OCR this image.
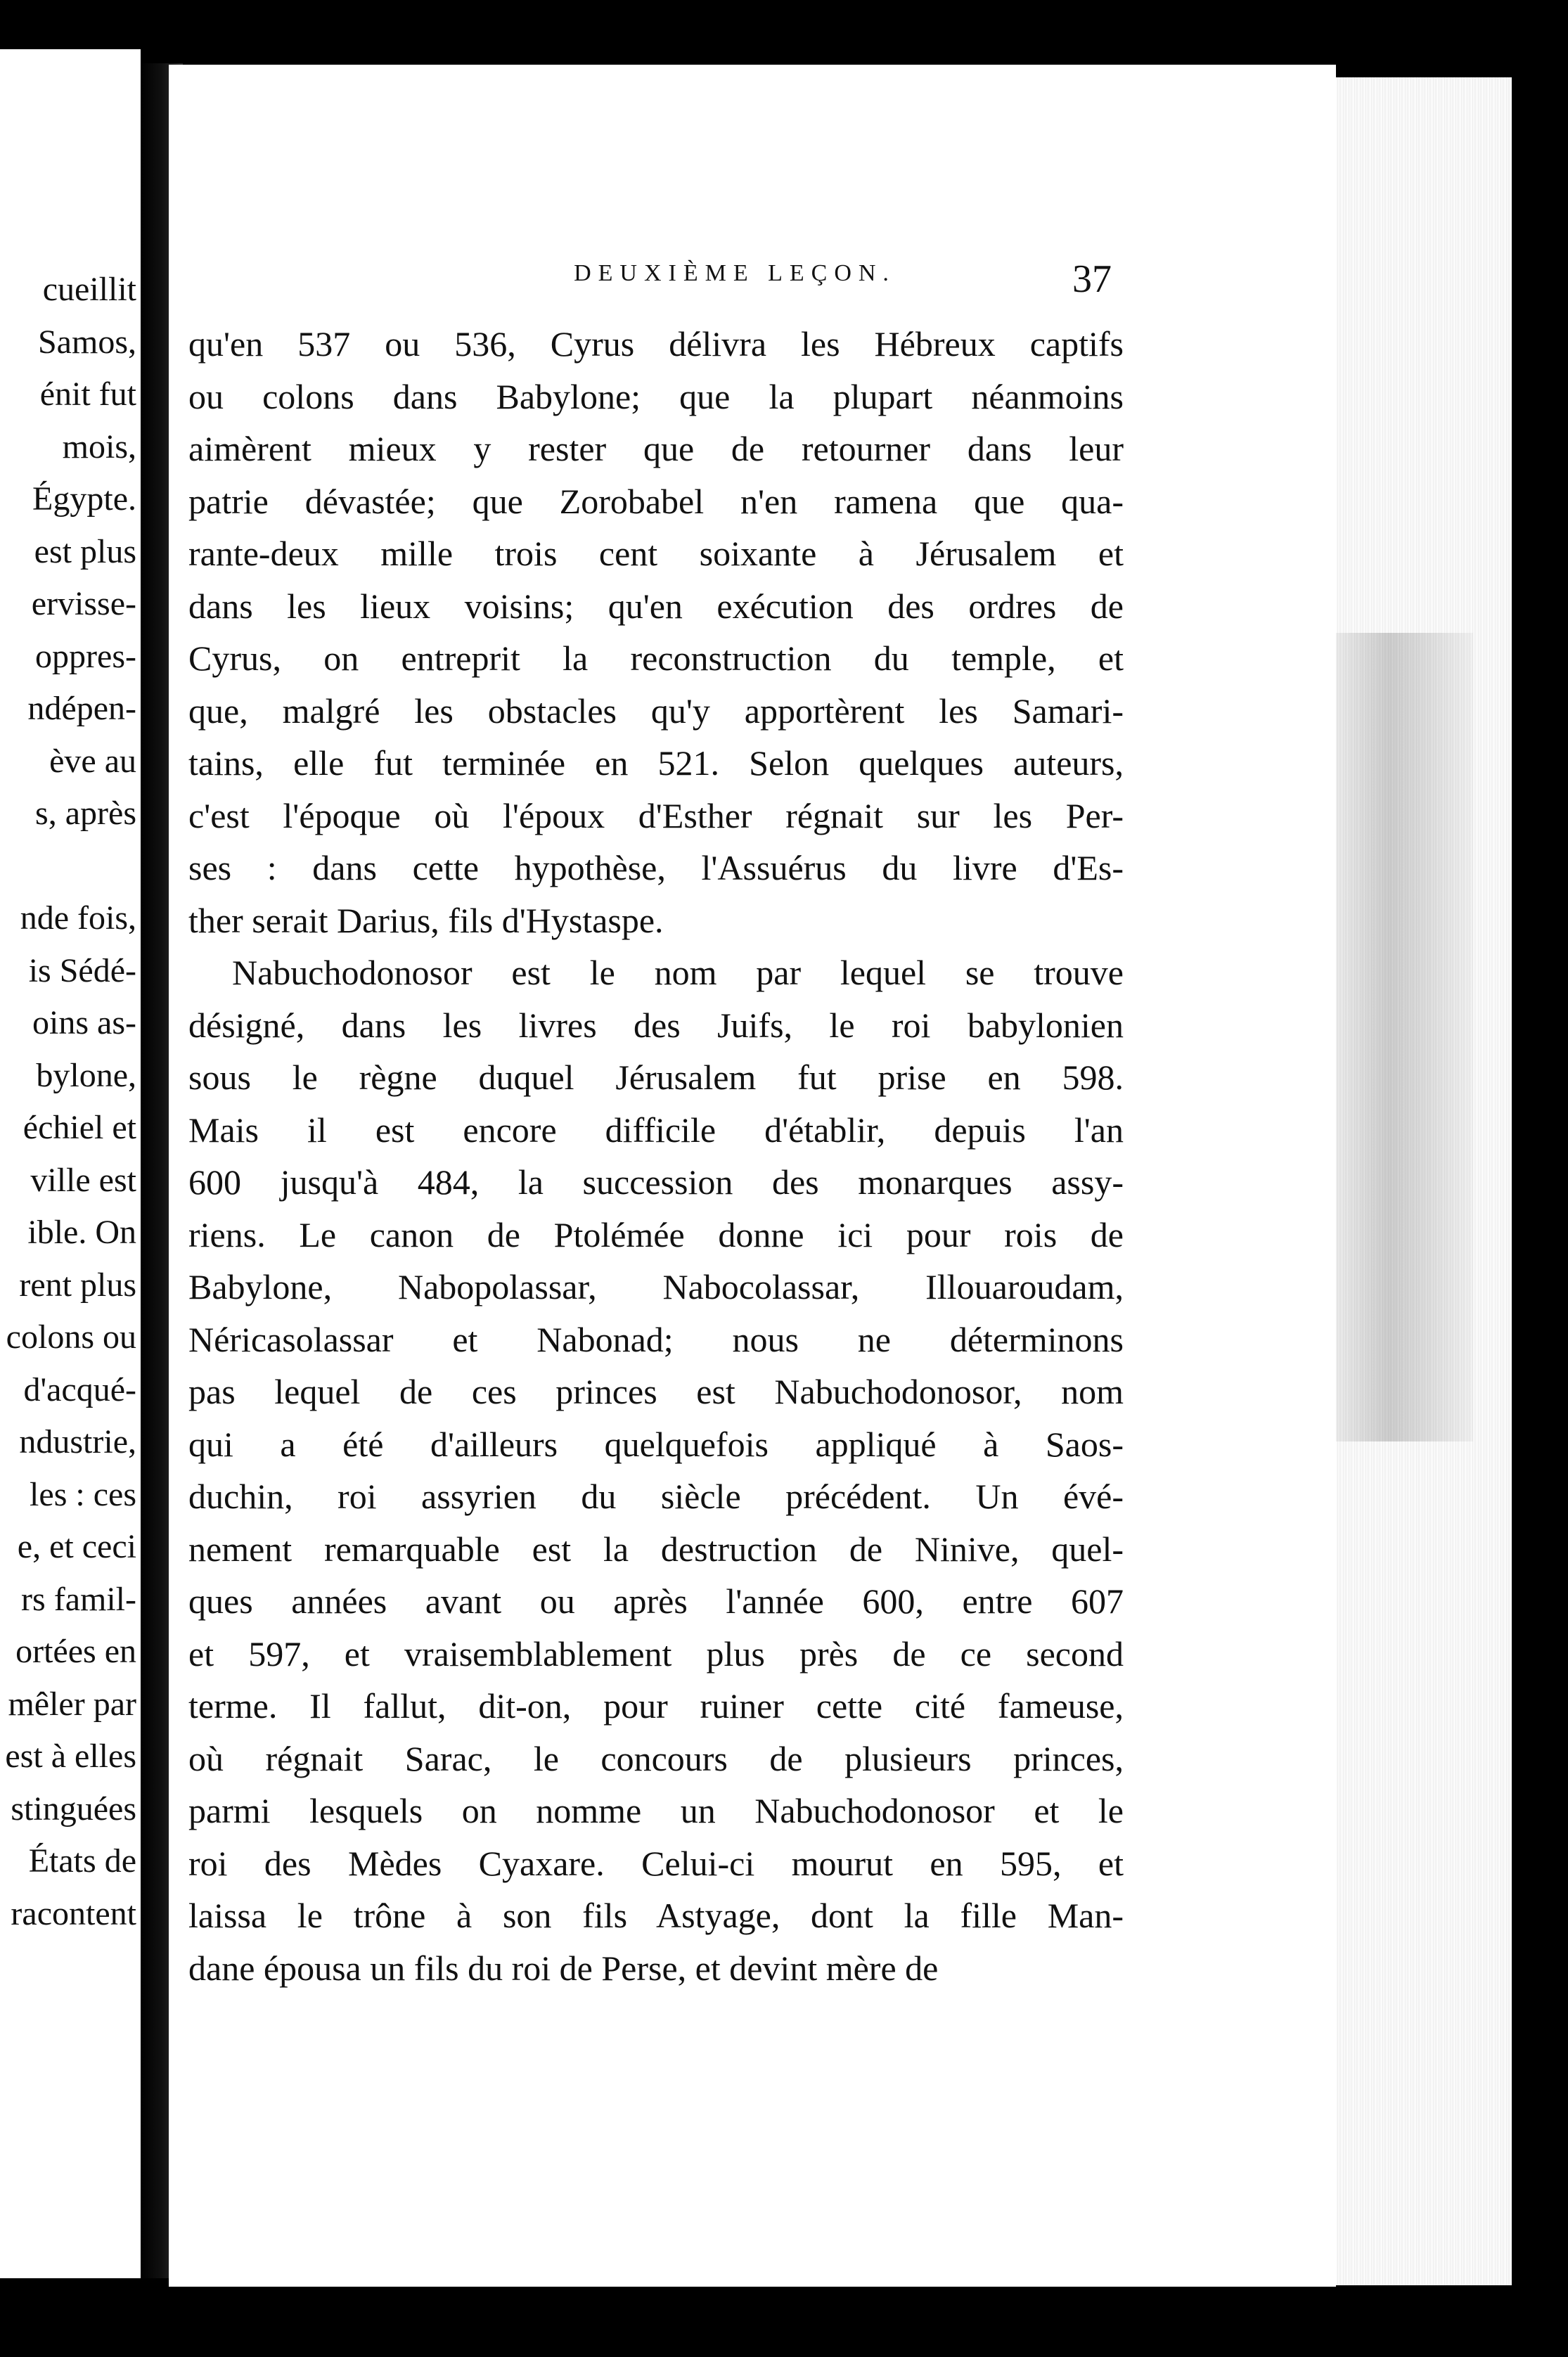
cueillit
Samos,
énit fut
mois,
Égypte.
est plus
ervisse-
oppres-
ndépen-
ève au
s, après
nde fois,
is Sédé-
oins as-
bylone,
échiel et
ville est
ible. On
rent plus
colons ou
d'acqué-
ndustrie,
les : ces
e, et ceci
rs famil-
ortées en
mêler par
est à elles
stinguées
États de
racontent
DEUXIÈME LEÇON.	37
qu'en 537 ou 536, Cyrus délivra les Hébreux captifs
ou colons dans Babylone; que la plupart néanmoins
aimèrent mieux y rester que de retourner dans leur
patrie dévastée; que Zorobabel n'en ramena que qua-
rante-deux mille trois cent soixante à Jérusalem et
dans les lieux voisins; qu'en exécution des ordres de
Cyrus, on entreprit la reconstruction du temple, et
que, malgré les obstacles qu'y apportèrent les Samari-
tains, elle fut terminée en 521. Selon quelques auteurs,
c'est l'époque où l'époux d'Esther régnait sur les Per-
ses : dans cette hypothèse, l'Assuérus du livre d'Es-
ther serait Darius, fils d'Hystaspe.
Nabuchodonosor est le nom par lequel se trouve
désigné, dans les livres des Juifs, le roi babylonien
sous le règne duquel Jérusalem fut prise en 598.
Mais il est encore difficile d'établir, depuis l'an
600 jusqu'à 484, la succession des monarques assy-
riens. Le canon de Ptolémée donne ici pour rois de
Babylone, Nabopolassar, Nabocolassar, Illouaroudam,
Néricasolassar et Nabonad; nous ne déterminons
pas lequel de ces princes est Nabuchodonosor, nom
qui a été d'ailleurs quelquefois appliqué à Saos-
duchin, roi assyrien du siècle précédent. Un évé-
nement remarquable est la destruction de Ninive, quel-
ques années avant ou après l'année 600, entre 607
et 597, et vraisemblablement plus près de ce second
terme. Il fallut, dit-on, pour ruiner cette cité fameuse,
où régnait Sarac, le concours de plusieurs princes,
parmi lesquels on nomme un Nabuchodonosor et le
roi des Mèdes Cyaxare. Celui-ci mourut en 595, et
laissa le trône à son fils Astyage, dont la fille Man-
dane épousa un fils du roi de Perse, et devint mère de
